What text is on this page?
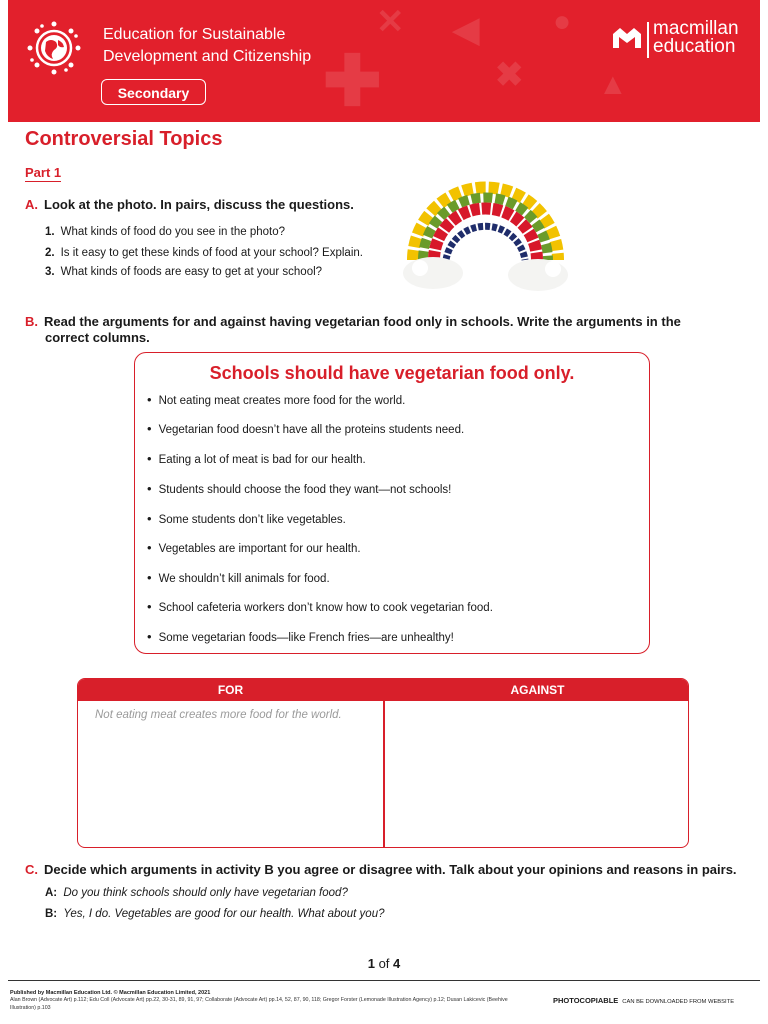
✕
✚
◀
✖
●
▲
Education for Sustainable
Development and Citizenship
Secondary
macmillan
education
Controversial Topics
Part 1
A. Look at the photo. In pairs, discuss the questions.
1. What kinds of food do you see in the photo?
2. Is it easy to get these kinds of food at your school? Explain.
3. What kinds of foods are easy to get at your school?
B. Read the arguments for and against having vegetarian food only in schools. Write the arguments in the
correct columns.
Schools should have vegetarian food only.
• Not eating meat creates more food for the world.
• Vegetarian food doesn’t have all the proteins students need.
• Eating a lot of meat is bad for our health.
• Students should choose the food they want—not schools!
• Some students don’t like vegetables.
• Vegetables are important for our health.
• We shouldn’t kill animals for food.
• School cafeteria workers don’t know how to cook vegetarian food.
• Some vegetarian foods—like French fries—are unhealthy!
FOR	AGAINST
Not eating meat creates more food for the world.
C. Decide which arguments in activity B you agree or disagree with. Talk about your opinions and reasons in pairs.
A: Do you think schools should only have vegetarian food?
B: Yes, I do. Vegetables are good for our health. What about you?
1 of 4
Published by Macmillan Education Ltd. © Macmillan Education Limited, 2021
Alan Brown (Advocate Art) p.112; Edu Coll (Advocate Art) pp.22, 30-31, 89, 91, 97; Collaborate (Advocate Art) pp.14, 52, 87, 90, 118; Gregor Forster (Lemonade Illustration Agency) p.12; Dusan Lakicevic (Beehive Illustration) p.103
PHOTOCOPIABLE CAN BE DOWNLOADED FROM WEBSITE
